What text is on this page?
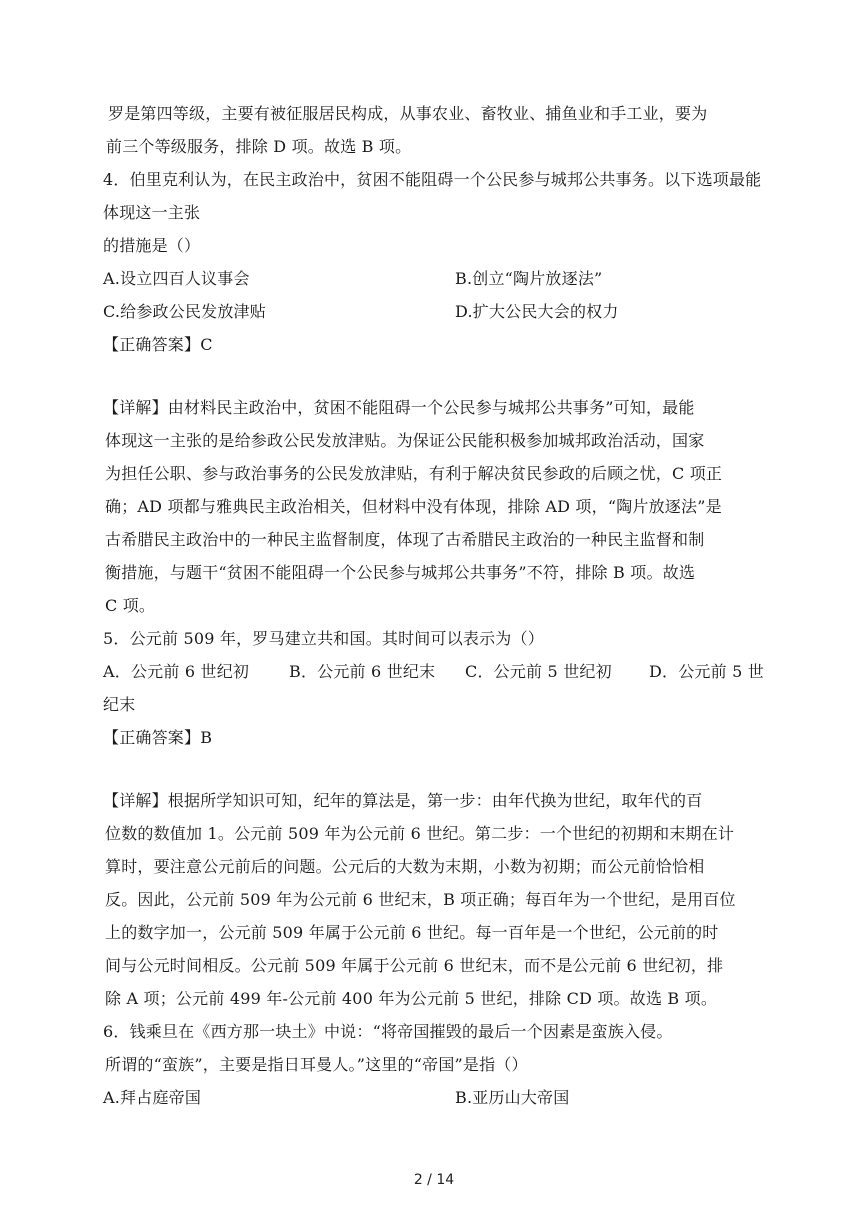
罗是第四等级，主要有被征服居民构成，从事农业、畜牧业、捕鱼业和手工业，要为
前三个等级服务，排除 D 项。故选 B 项。
4．伯里克利认为，在民主政治中，贫困不能阻碍一个公民参与城邦公共事务。以下选项最能
体现这一主张
的措施是（）
A.设立四百人议事会	B.创立“陶片放逐法”
C.给参政公民发放津贴	D.扩大公民大会的权力
【正确答案】C
【详解】由材料民主政治中，贫困不能阻碍一个公民参与城邦公共事务”可知，最能
体现这一主张的是给参政公民发放津贴。为保证公民能积极参加城邦政治活动，国家
为担任公职、参与政治事务的公民发放津贴，有利于解决贫民参政的后顾之忧，C 项正
确；AD 项都与雅典民主政治相关，但材料中没有体现，排除 AD 项，“陶片放逐法”是
古希腊民主政治中的一种民主监督制度，体现了古希腊民主政治的一种民主监督和制
衡措施，与题干“贫困不能阻碍一个公民参与城邦公共事务”不符，排除 B 项。故选
C 项。
5．公元前 509 年，罗马建立共和国。其时间可以表示为（）
A．公元前 6 世纪初 B．公元前 6 世纪末 C．公元前 5 世纪初 D．公元前 5 世
纪末
【正确答案】B
【详解】根据所学知识可知，纪年的算法是，第一步：由年代换为世纪，取年代的百
位数的数值加 1。公元前 509 年为公元前 6 世纪。第二步：一个世纪的初期和末期在计
算时，要注意公元前后的问题。公元后的大数为末期，小数为初期；而公元前恰恰相
反。因此，公元前 509 年为公元前 6 世纪末，B 项正确；每百年为一个世纪，是用百位
上的数字加一，公元前 509 年属于公元前 6 世纪。每一百年是一个世纪，公元前的时
间与公元时间相反。公元前 509 年属于公元前 6 世纪末，而不是公元前 6 世纪初，排
除 A 项；公元前 499 年-公元前 400 年为公元前 5 世纪，排除 CD 项。故选 B 项。
6．钱乘旦在《西方那一块土》中说：“将帝国摧毁的最后一个因素是蛮族入侵。
所谓的“蛮族”，主要是指日耳曼人。”这里的“帝国”是指（）
A.拜占庭帝国	B.亚历山大帝国
2 / 14
